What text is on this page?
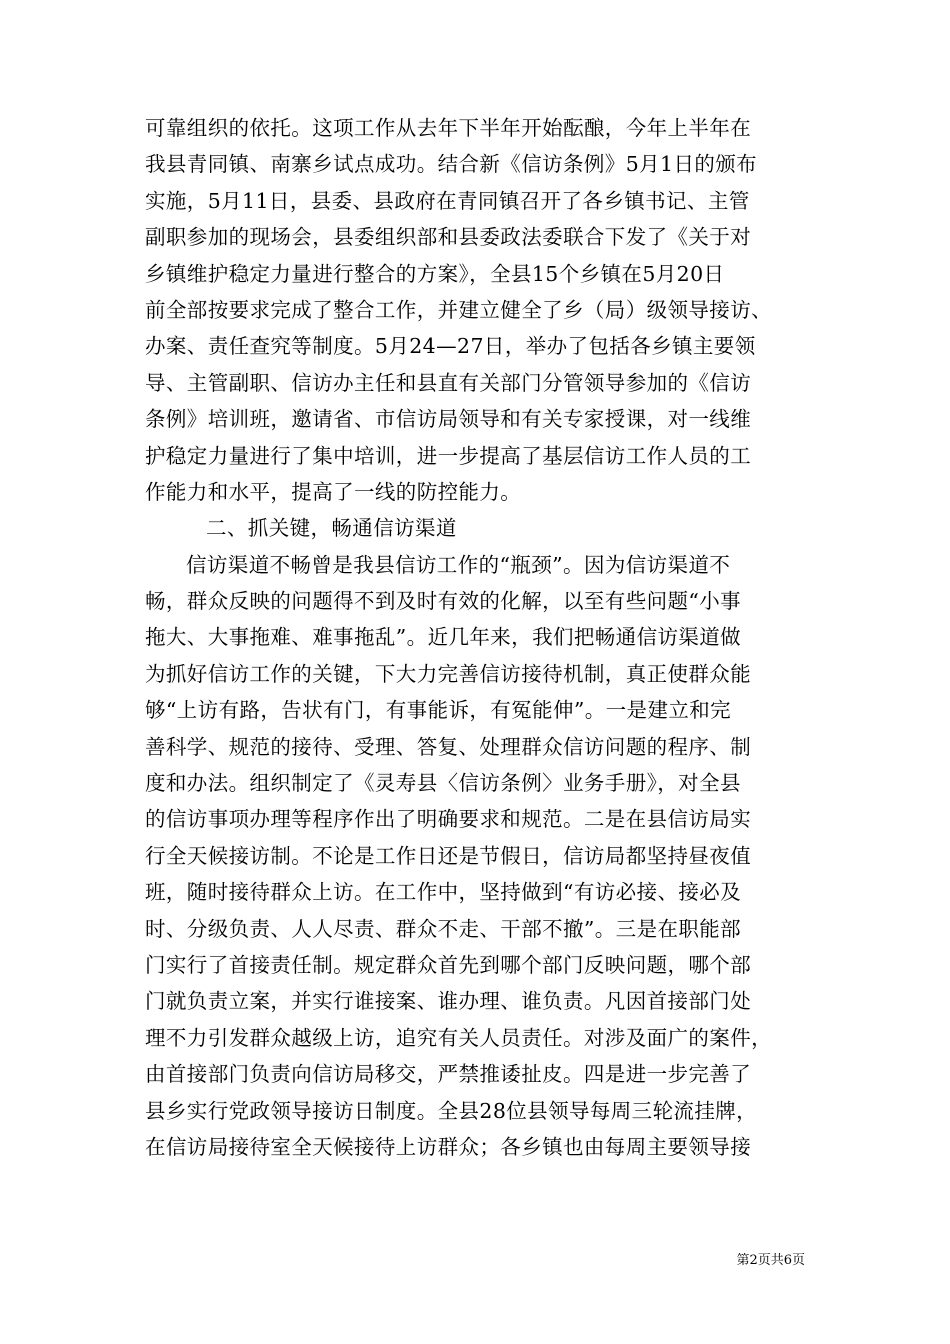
可靠组织的依托。这项工作从去年下半年开始酝酿，今年上半年在
我县青同镇、南寨乡试点成功。结合新《信访条例》5月1日的颁布
实施，5月11日，县委、县政府在青同镇召开了各乡镇书记、主管
副职参加的现场会，县委组织部和县委政法委联合下发了《关于对
乡镇维护稳定力量进行整合的方案》，全县15个乡镇在5月20日
前全部按要求完成了整合工作，并建立健全了乡（局）级领导接访、
办案、责任查究等制度。5月24—27日，举办了包括各乡镇主要领
导、主管副职、信访办主任和县直有关部门分管领导参加的《信访
条例》培训班，邀请省、市信访局领导和有关专家授课，对一线维
护稳定力量进行了集中培训，进一步提高了基层信访工作人员的工
作能力和水平，提高了一线的防控能力。
二、抓关键，畅通信访渠道
信访渠道不畅曾是我县信访工作的“瓶颈”。因为信访渠道不
畅，群众反映的问题得不到及时有效的化解，以至有些问题“小事
拖大、大事拖难、难事拖乱”。近几年来，我们把畅通信访渠道做
为抓好信访工作的关键，下大力完善信访接待机制，真正使群众能
够“上访有路，告状有门，有事能诉，有冤能伸”。一是建立和完
善科学、规范的接待、受理、答复、处理群众信访问题的程序、制
度和办法。组织制定了《灵寿县〈信访条例〉业务手册》，对全县
的信访事项办理等程序作出了明确要求和规范。二是在县信访局实
行全天候接访制。不论是工作日还是节假日，信访局都坚持昼夜值
班，随时接待群众上访。在工作中，坚持做到“有访必接、接必及
时、分级负责、人人尽责、群众不走、干部不撤”。三是在职能部
门实行了首接责任制。规定群众首先到哪个部门反映问题，哪个部
门就负责立案，并实行谁接案、谁办理、谁负责。凡因首接部门处
理不力引发群众越级上访，追究有关人员责任。对涉及面广的案件，
由首接部门负责向信访局移交，严禁推诿扯皮。四是进一步完善了
县乡实行党政领导接访日制度。全县28位县领导每周三轮流挂牌，
在信访局接待室全天候接待上访群众；各乡镇也由每周主要领导接
第2页共6页
